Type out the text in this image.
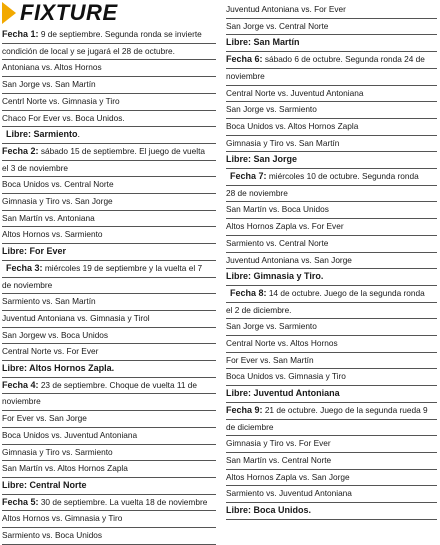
FIXTURE
Fecha 1: 9 de septiembre. Segunda ronda se invierte
condición de local y se jugará el 28 de octubre.
Antoniana vs. Altos Hornos
San Jorge vs. San Martín
Centrl Norte vs. Gimnasia y Tiro
Chaco For Ever vs. Boca Unidos.
Libre: Sarmiento.
Fecha 2: sábado 15 de septiembre. El juego de vuelta
el 3 de noviembre
Boca Unidos vs. Central Norte
Gimnasia y Tiro vs. San Jorge
San Martín vs. Antoniana
Altos Hornos vs. Sarmiento
Libre: For Ever
Fecha 3: miércoles 19 de septiembre y la vuelta el 7
de noviembre
Sarmiento vs. San Martín
Juventud Antoniana vs. Gimnasia y Tirol
San Jorgew vs. Boca Unidos
Central Norte vs. For Ever
Libre: Altos Hornos Zapla.
Fecha 4: 23 de septiembre. Choque de vuelta 11 de
noviembre
For Ever vs. San Jorge
Boca Unidos vs. Juventud Antoniana
Gimnasia y Tiro vs. Sarmiento
San Martín vs. Altos Hornos Zapla
Libre: Central Norte
Fecha 5: 30 de septiembre. La vuelta 18 de noviembre
Altos Hornos vs. Gimnasia y Tiro
Sarmiento vs. Boca Unidos
Juventud Antoniana vs. For Ever
San Jorge vs. Central Norte
Libre: San Martín
Fecha 6: sábado 6 de octubre. Segunda ronda 24 de
noviembre
Central Norte vs. Juventud Antoniana
San Jorge vs. Sarmiento
Boca Unidos vs. Altos Hornos Zapla
Gimnasia y Tiro vs. San Martín
Libre: San Jorge
Fecha 7: miércoles 10 de octubre. Segunda ronda
28 de noviembre
San Martín vs. Boca Unidos
Altos Hornos Zapla vs. For Ever
Sarmiento vs. Central Norte
Juventud Antoniana vs. San Jorge
Libre: Gimnasia y Tiro.
Fecha 8: 14 de octubre. Juego de la segunda ronda
el 2 de diciembre.
San Jorge vs. Sarmiento
Central Norte vs. Altos Hornos
For Ever vs. San Martín
Boca Unidos vs. Gimnasia y Tiro
Libre: Juventud Antoniana
Fecha 9: 21 de octubre. Juego de la segunda rueda 9
de diciembre
Gimnasia y Tiro vs. For Ever
San Martín vs. Central Norte
Altos Hornos Zapla vs. San Jorge
Sarmiento vs. Juventud Antoniana
Libre: Boca Unidos.
